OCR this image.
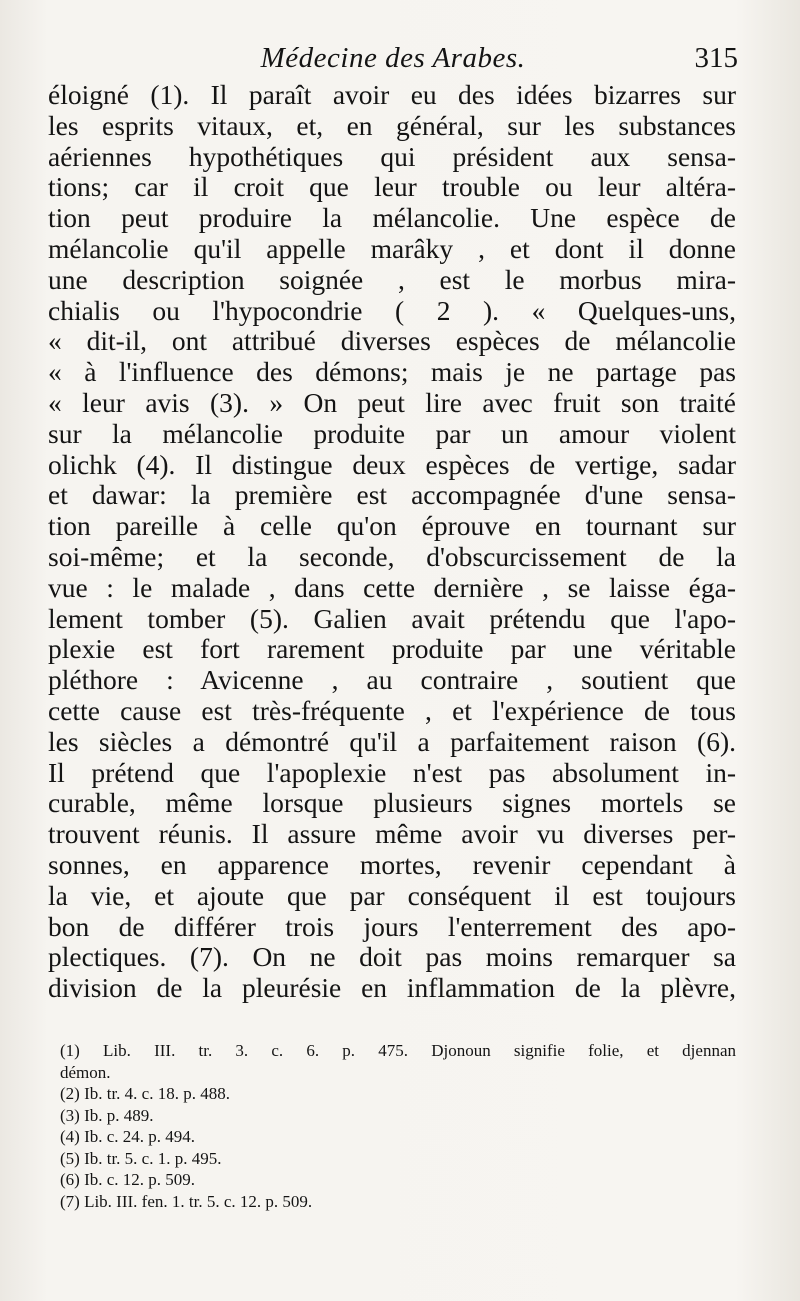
Médecine des Arabes.	315
éloigné (1). Il paraît avoir eu des idées bizarres sur
les esprits vitaux, et, en général, sur les substances
aériennes hypothétiques qui président aux sensa-
tions; car il croit que leur trouble ou leur altéra-
tion peut produire la mélancolie. Une espèce de
mélancolie qu'il appelle marâky , et dont il donne
une description soignée , est le morbus mira-
chialis ou l'hypocondrie ( 2 ). « Quelques-uns,
« dit-il, ont attribué diverses espèces de mélancolie
« à l'influence des démons; mais je ne partage pas
« leur avis (3). » On peut lire avec fruit son traité
sur la mélancolie produite par un amour violent
olichk (4). Il distingue deux espèces de vertige, sadar
et dawar: la première est accompagnée d'une sensa-
tion pareille à celle qu'on éprouve en tournant sur
soi-même; et la seconde, d'obscurcissement de la
vue : le malade , dans cette dernière , se laisse éga-
lement tomber (5). Galien avait prétendu que l'apo-
plexie est fort rarement produite par une véritable
pléthore : Avicenne , au contraire , soutient que
cette cause est très-fréquente , et l'expérience de tous
les siècles a démontré qu'il a parfaitement raison (6).
Il prétend que l'apoplexie n'est pas absolument in-
curable, même lorsque plusieurs signes mortels se
trouvent réunis. Il assure même avoir vu diverses per-
sonnes, en apparence mortes, revenir cependant à
la vie, et ajoute que par conséquent il est toujours
bon de différer trois jours l'enterrement des apo-
plectiques. (7). On ne doit pas moins remarquer sa
division de la pleurésie en inflammation de la plèvre,
(1) Lib. III. tr. 3. c. 6. p. 475. Djonoun signifie folie, et djennan
démon.
(2) Ib. tr. 4. c. 18. p. 488.
(3) Ib. p. 489.
(4) Ib. c. 24. p. 494.
(5) Ib. tr. 5. c. 1. p. 495.
(6) Ib. c. 12. p. 509.
(7) Lib. III. fen. 1. tr. 5. c. 12. p. 509.
